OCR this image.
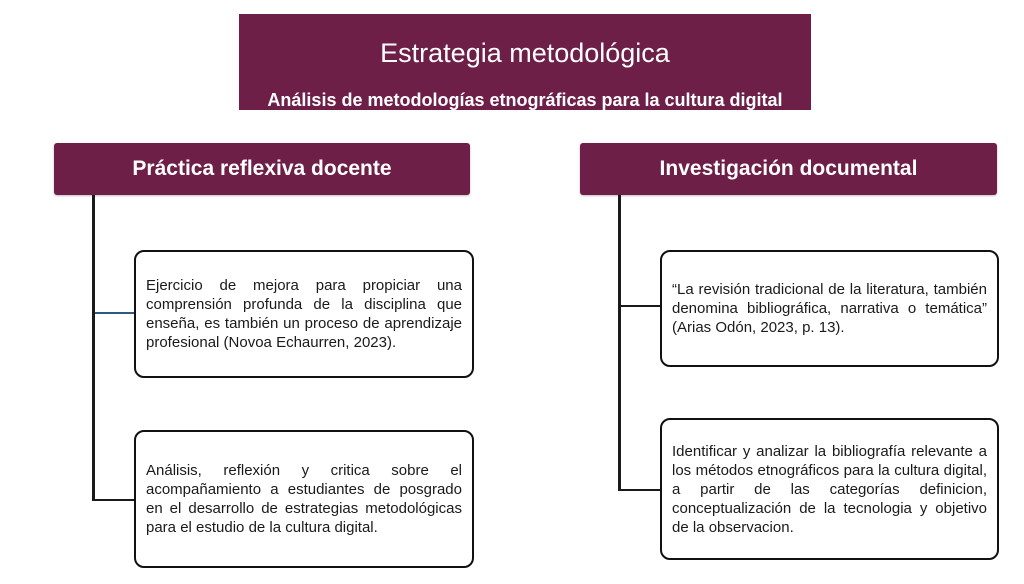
Estrategia metodológica
Análisis de metodologías etnográficas para la cultura digital
Práctica reflexiva docente

Ejercicio de mejora para propiciar una comprensión profunda de la disciplina que enseña, es también un proceso de aprendizaje profesional (Novoa Echaurren, 2023).

Análisis, reflexión y critica sobre el acompañamiento a estudiantes de posgrado en el desarrollo de estrategias metodológicas para el estudio de la cultura digital.

Investigación documental

“La revisión tradicional de la literatura, también denomina bibliográfica, narrativa o temática” (Arias Odón, 2023, p. 13).

Identificar y analizar la bibliografía relevante a los métodos etnográficos para la cultura digital, a partir de las categorías definicion, conceptualización de la tecnologia y objetivo de la observacion.
